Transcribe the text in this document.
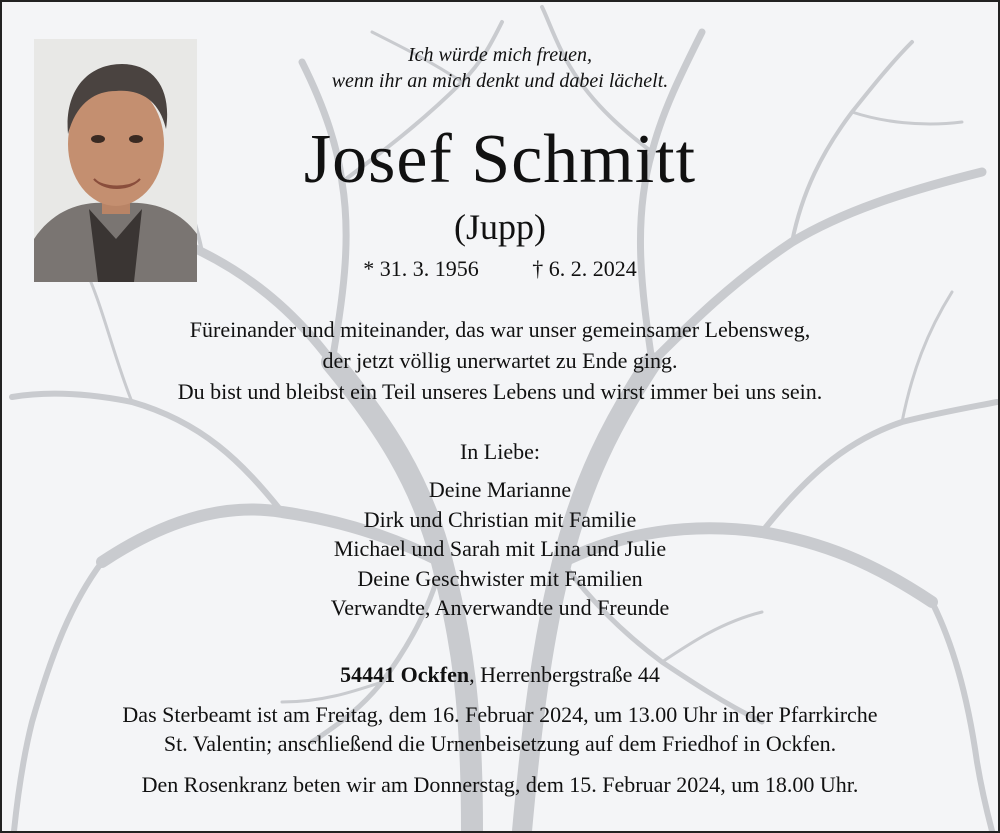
Ich würde mich freuen,
wenn ihr an mich denkt und dabei lächelt.
Josef Schmitt
(Jupp)
* 31. 3. 1956 † 6. 2. 2024
Füreinander und miteinander, das war unser gemeinsamer Lebensweg,
der jetzt völlig unerwartet zu Ende ging.
Du bist und bleibst ein Teil unseres Lebens und wirst immer bei uns sein.
In Liebe:
Deine Marianne
Dirk und Christian mit Familie
Michael und Sarah mit Lina und Julie
Deine Geschwister mit Familien
Verwandte, Anverwandte und Freunde
54441 Ockfen, Herrenbergstraße 44
Das Sterbeamt ist am Freitag, dem 16. Februar 2024, um 13.00 Uhr in der Pfarrkirche
St. Valentin; anschließend die Urnenbeisetzung auf dem Friedhof in Ockfen.
Den Rosenkranz beten wir am Donnerstag, dem 15. Februar 2024, um 18.00 Uhr.
